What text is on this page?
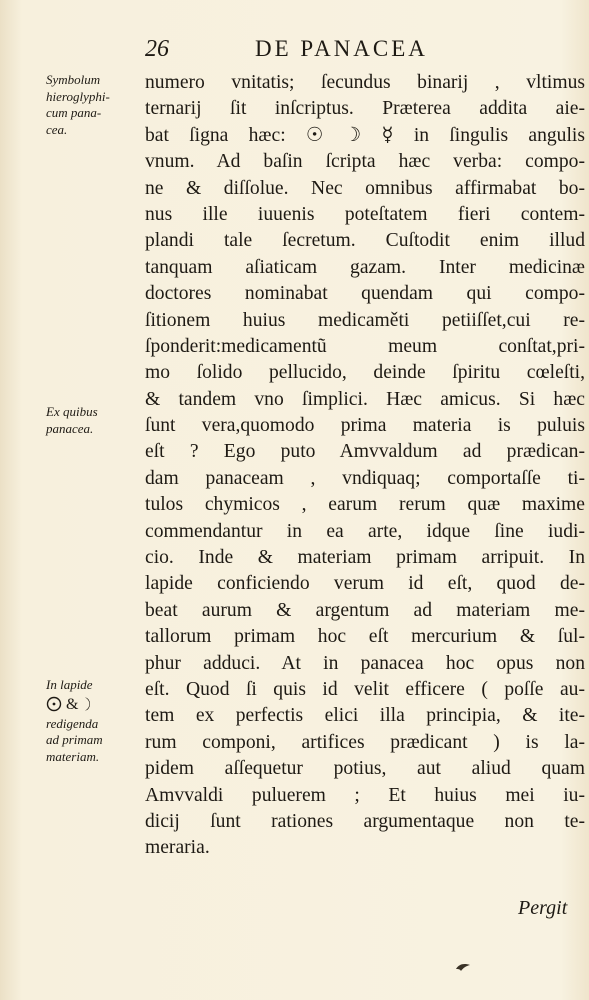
26	DE PANACEA
Symbolum
hieroglyphi-
cum pana-
cea.
Ex quibus
panacea.
In lapide
&
redigenda
ad primam
materiam.
numero vnitatis; ſecundus binarij , vltimus
ternarij ſit inſcriptus. Præterea addita aie-
bat ſigna hæc: ☉ ☽ ☿ in ſingulis angulis
vnum. Ad baſin ſcripta hæc verba: compo-
ne & diſſolue. Nec omnibus affirmabat bo-
nus ille iuuenis poteſtatem fieri contem-
plandi tale ſecretum. Cuſtodit enim illud
tanquam aſiaticam gazam. Inter medicinæ
doctores nominabat quendam qui compo-
ſitionem huius medicaměti petiiſſet,cui re-
ſponderit:medicamentũ meum conſtat,pri-
mo ſolido pellucido, deinde ſpiritu cœleſti,
& tandem vno ſimplici. Hæc amicus. Si hæc
ſunt vera,quomodo prima materia is puluis
eſt ? Ego puto Amvvaldum ad prædican-
dam panaceam , vndiquaq; comportaſſe ti-
tulos chymicos , earum rerum quæ maxime
commendantur in ea arte, idque ſine iudi-
cio. Inde & materiam primam arripuit. In
lapide conficiendo verum id eſt, quod de-
beat aurum & argentum ad materiam me-
tallorum primam hoc eſt mercurium & ſul-
phur adduci. At in panacea hoc opus non
eſt. Quod ſi quis id velit efficere ( poſſe au-
tem ex perfectis elici illa principia, & ite-
rum componi, artifices prædicant ) is la-
pidem aſſequetur potius, aut aliud quam
Amvvaldi puluerem ; Et huius mei iu-
dicij ſunt rationes argumentaque non te-
meraria.
Pergit
